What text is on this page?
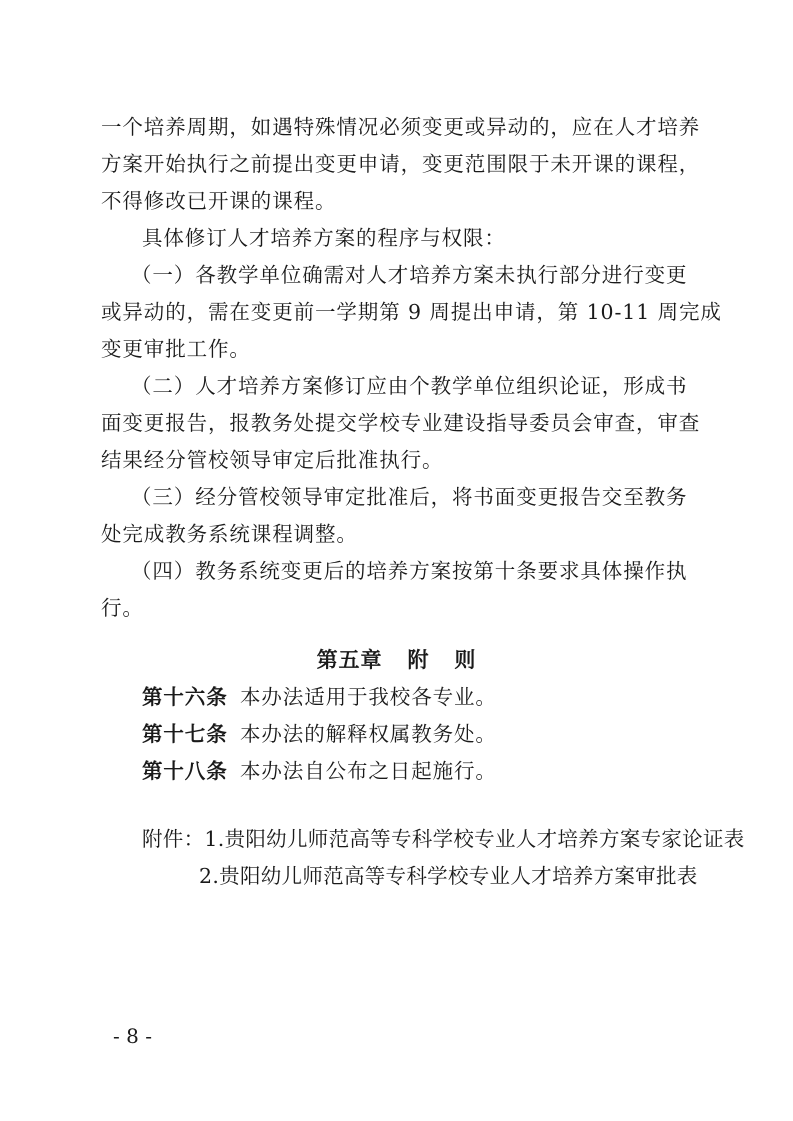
一个培养周期，如遇特殊情况必须变更或异动的，应在人才培养
方案开始执行之前提出变更申请，变更范围限于未开课的课程，
不得修改已开课的课程。
具体修订人才培养方案的程序与权限：
（一）各教学单位确需对人才培养方案未执行部分进行变更
或异动的，需在变更前一学期第 9 周提出申请，第 10-11 周完成
变更审批工作。
（二）人才培养方案修订应由个教学单位组织论证，形成书
面变更报告，报教务处提交学校专业建设指导委员会审查，审查
结果经分管校领导审定后批准执行。
（三）经分管校领导审定批准后，将书面变更报告交至教务
处完成教务系统课程调整。
（四）教务系统变更后的培养方案按第十条要求具体操作执
行。
第五章   附   则
第十六条 本办法适用于我校各专业。
第十七条 本办法的解释权属教务处。
第十八条 本办法自公布之日起施行。
附件：1.贵阳幼儿师范高等专科学校专业人才培养方案专家论证表
2.贵阳幼儿师范高等专科学校专业人才培养方案审批表
- 8 -
